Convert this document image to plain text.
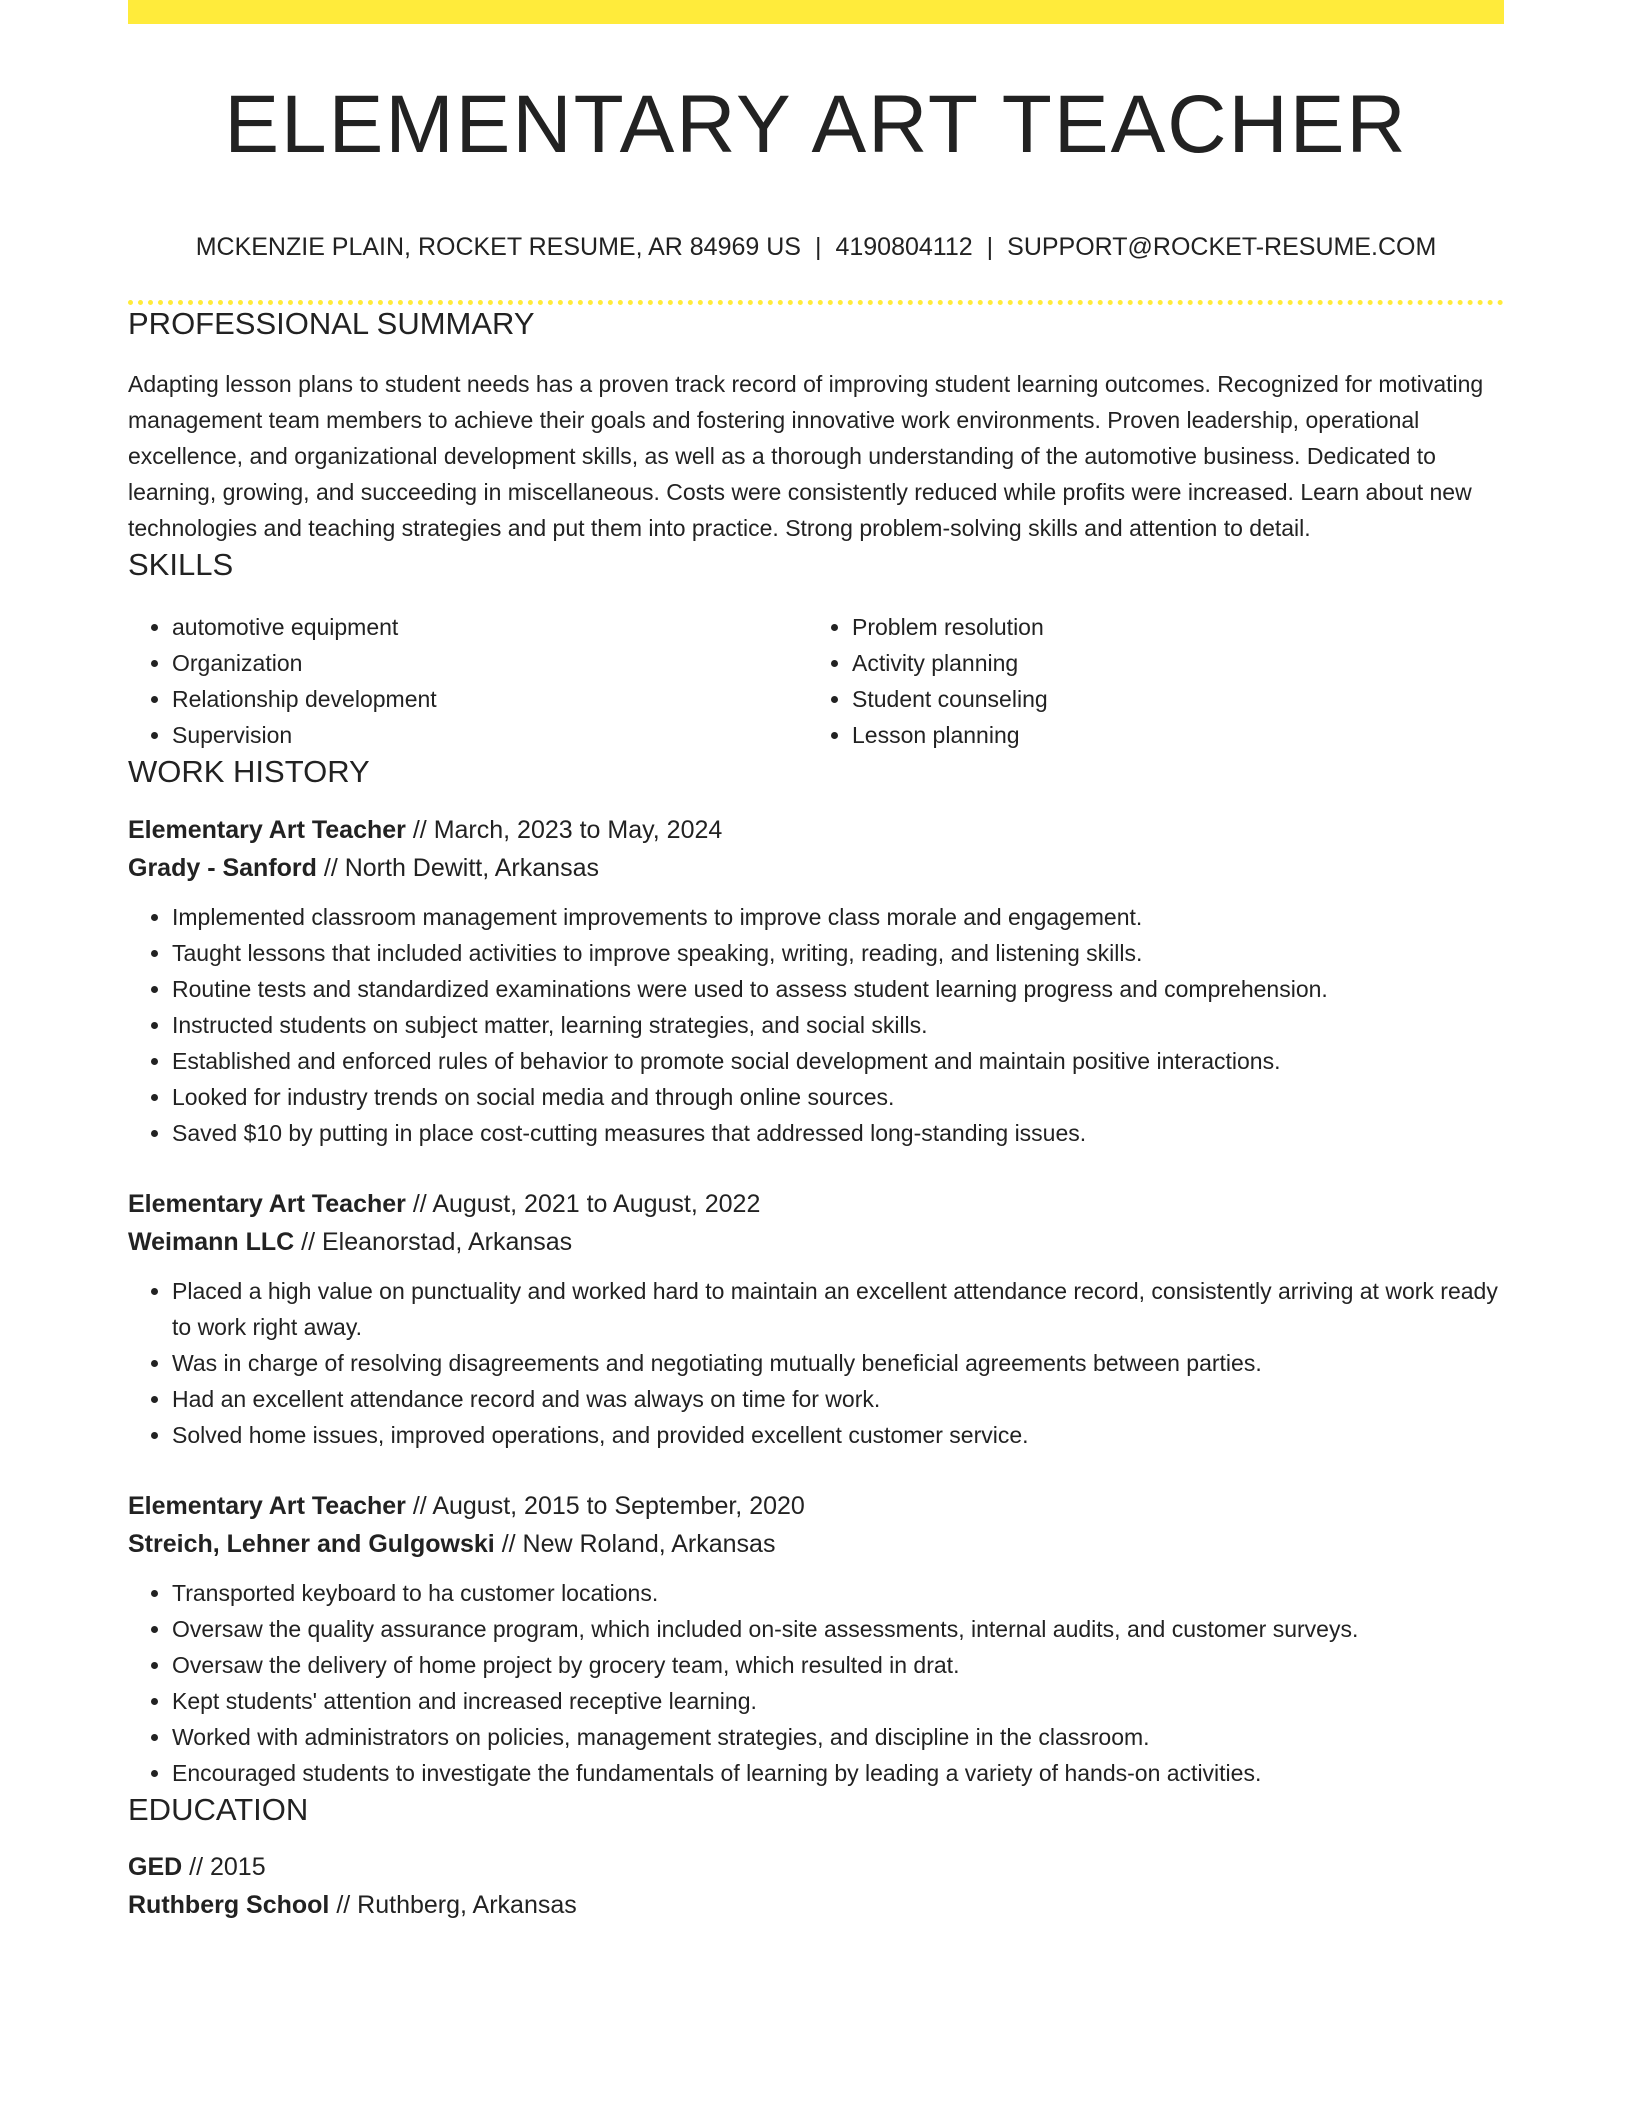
ELEMENTARY ART TEACHER
MCKENZIE PLAIN, ROCKET RESUME, AR 84969 US | 4190804112 | SUPPORT@ROCKET-RESUME.COM
PROFESSIONAL SUMMARY
Adapting lesson plans to student needs has a proven track record of improving student learning outcomes. Recognized for motivating management team members to achieve their goals and fostering innovative work environments. Proven leadership, operational excellence, and organizational development skills, as well as a thorough understanding of the automotive business. Dedicated to learning, growing, and succeeding in miscellaneous. Costs were consistently reduced while profits were increased. Learn about new technologies and teaching strategies and put them into practice. Strong problem-solving skills and attention to detail.
SKILLS
• automotive equipment
• Organization
• Relationship development
• Supervision
• Problem resolution
• Activity planning
• Student counseling
• Lesson planning
WORK HISTORY
Elementary Art Teacher // March, 2023 to May, 2024
Grady - Sanford // North Dewitt, Arkansas
• Implemented classroom management improvements to improve class morale and engagement.
• Taught lessons that included activities to improve speaking, writing, reading, and listening skills.
• Routine tests and standardized examinations were used to assess student learning progress and comprehension.
• Instructed students on subject matter, learning strategies, and social skills.
• Established and enforced rules of behavior to promote social development and maintain positive interactions.
• Looked for industry trends on social media and through online sources.
• Saved $10 by putting in place cost-cutting measures that addressed long-standing issues.
Elementary Art Teacher // August, 2021 to August, 2022
Weimann LLC // Eleanorstad, Arkansas
• Placed a high value on punctuality and worked hard to maintain an excellent attendance record, consistently arriving at work ready to work right away.
• Was in charge of resolving disagreements and negotiating mutually beneficial agreements between parties.
• Had an excellent attendance record and was always on time for work.
• Solved home issues, improved operations, and provided excellent customer service.
Elementary Art Teacher // August, 2015 to September, 2020
Streich, Lehner and Gulgowski // New Roland, Arkansas
• Transported keyboard to ha customer locations.
• Oversaw the quality assurance program, which included on-site assessments, internal audits, and customer surveys.
• Oversaw the delivery of home project by grocery team, which resulted in drat.
• Kept students' attention and increased receptive learning.
• Worked with administrators on policies, management strategies, and discipline in the classroom.
• Encouraged students to investigate the fundamentals of learning by leading a variety of hands-on activities.
EDUCATION
GED // 2015
Ruthberg School // Ruthberg, Arkansas
